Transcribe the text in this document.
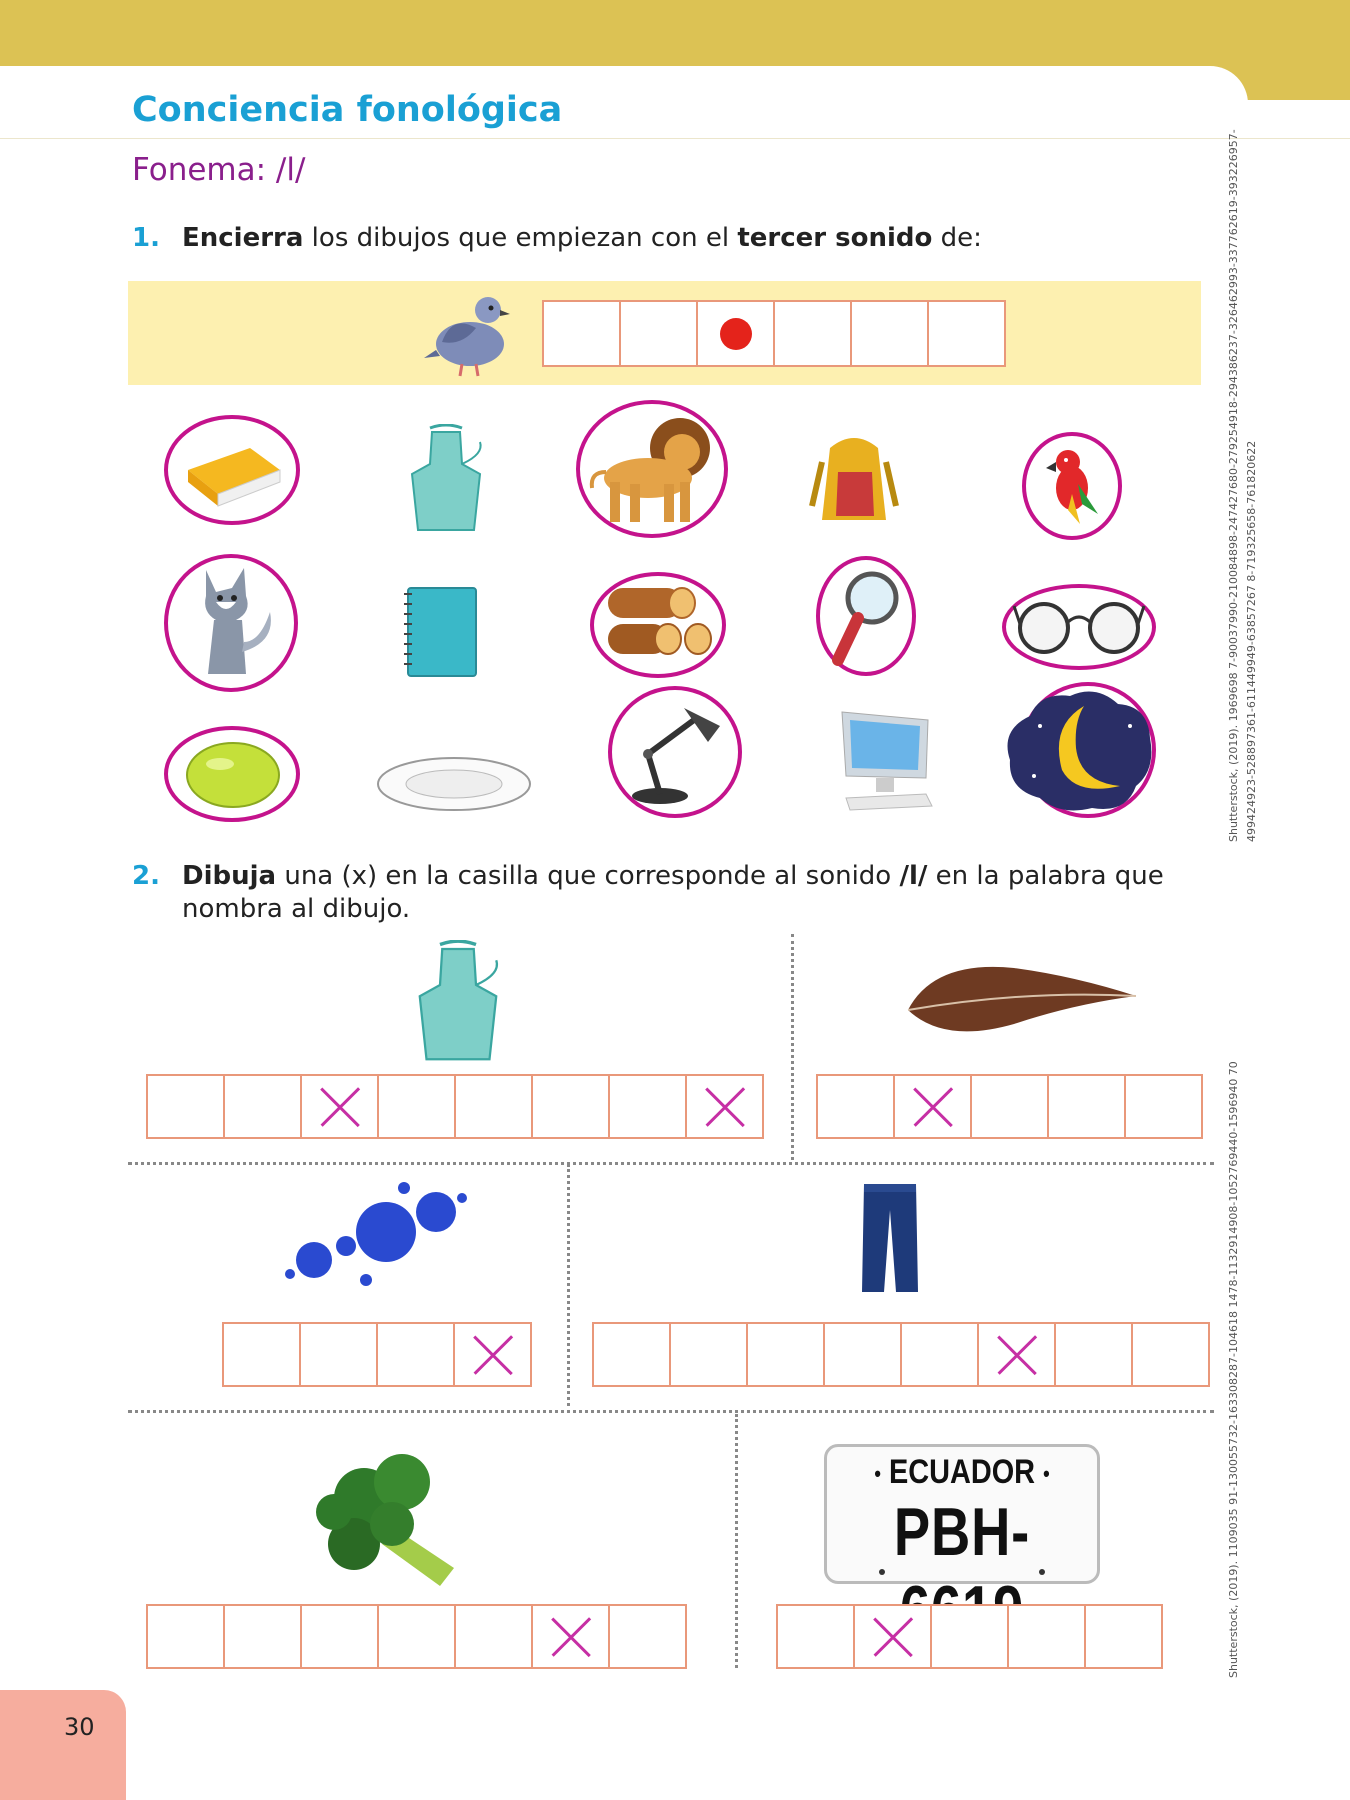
Conciencia fonológica
Fonema: /l/
1. Encierra los dibujos que empiezan con el tercer sonido de:
2. Dibuja una (x) en la casilla que corresponde al sonido /l/ en la palabra que
nombra al dibujo.
• ECUADOR •
PBH-
Shutterstock, (2019). 1969698 7-90037990-210084898-247427680-279254918-294386237-326462993-337762619-393226957- 499424923-528897361-611449949-63857267 8-719325658-761820622
Shutterstock, (2019). 1109035 91-130055732-163308287-104618 1478-1132914908-1052769440-1596940 70
30
